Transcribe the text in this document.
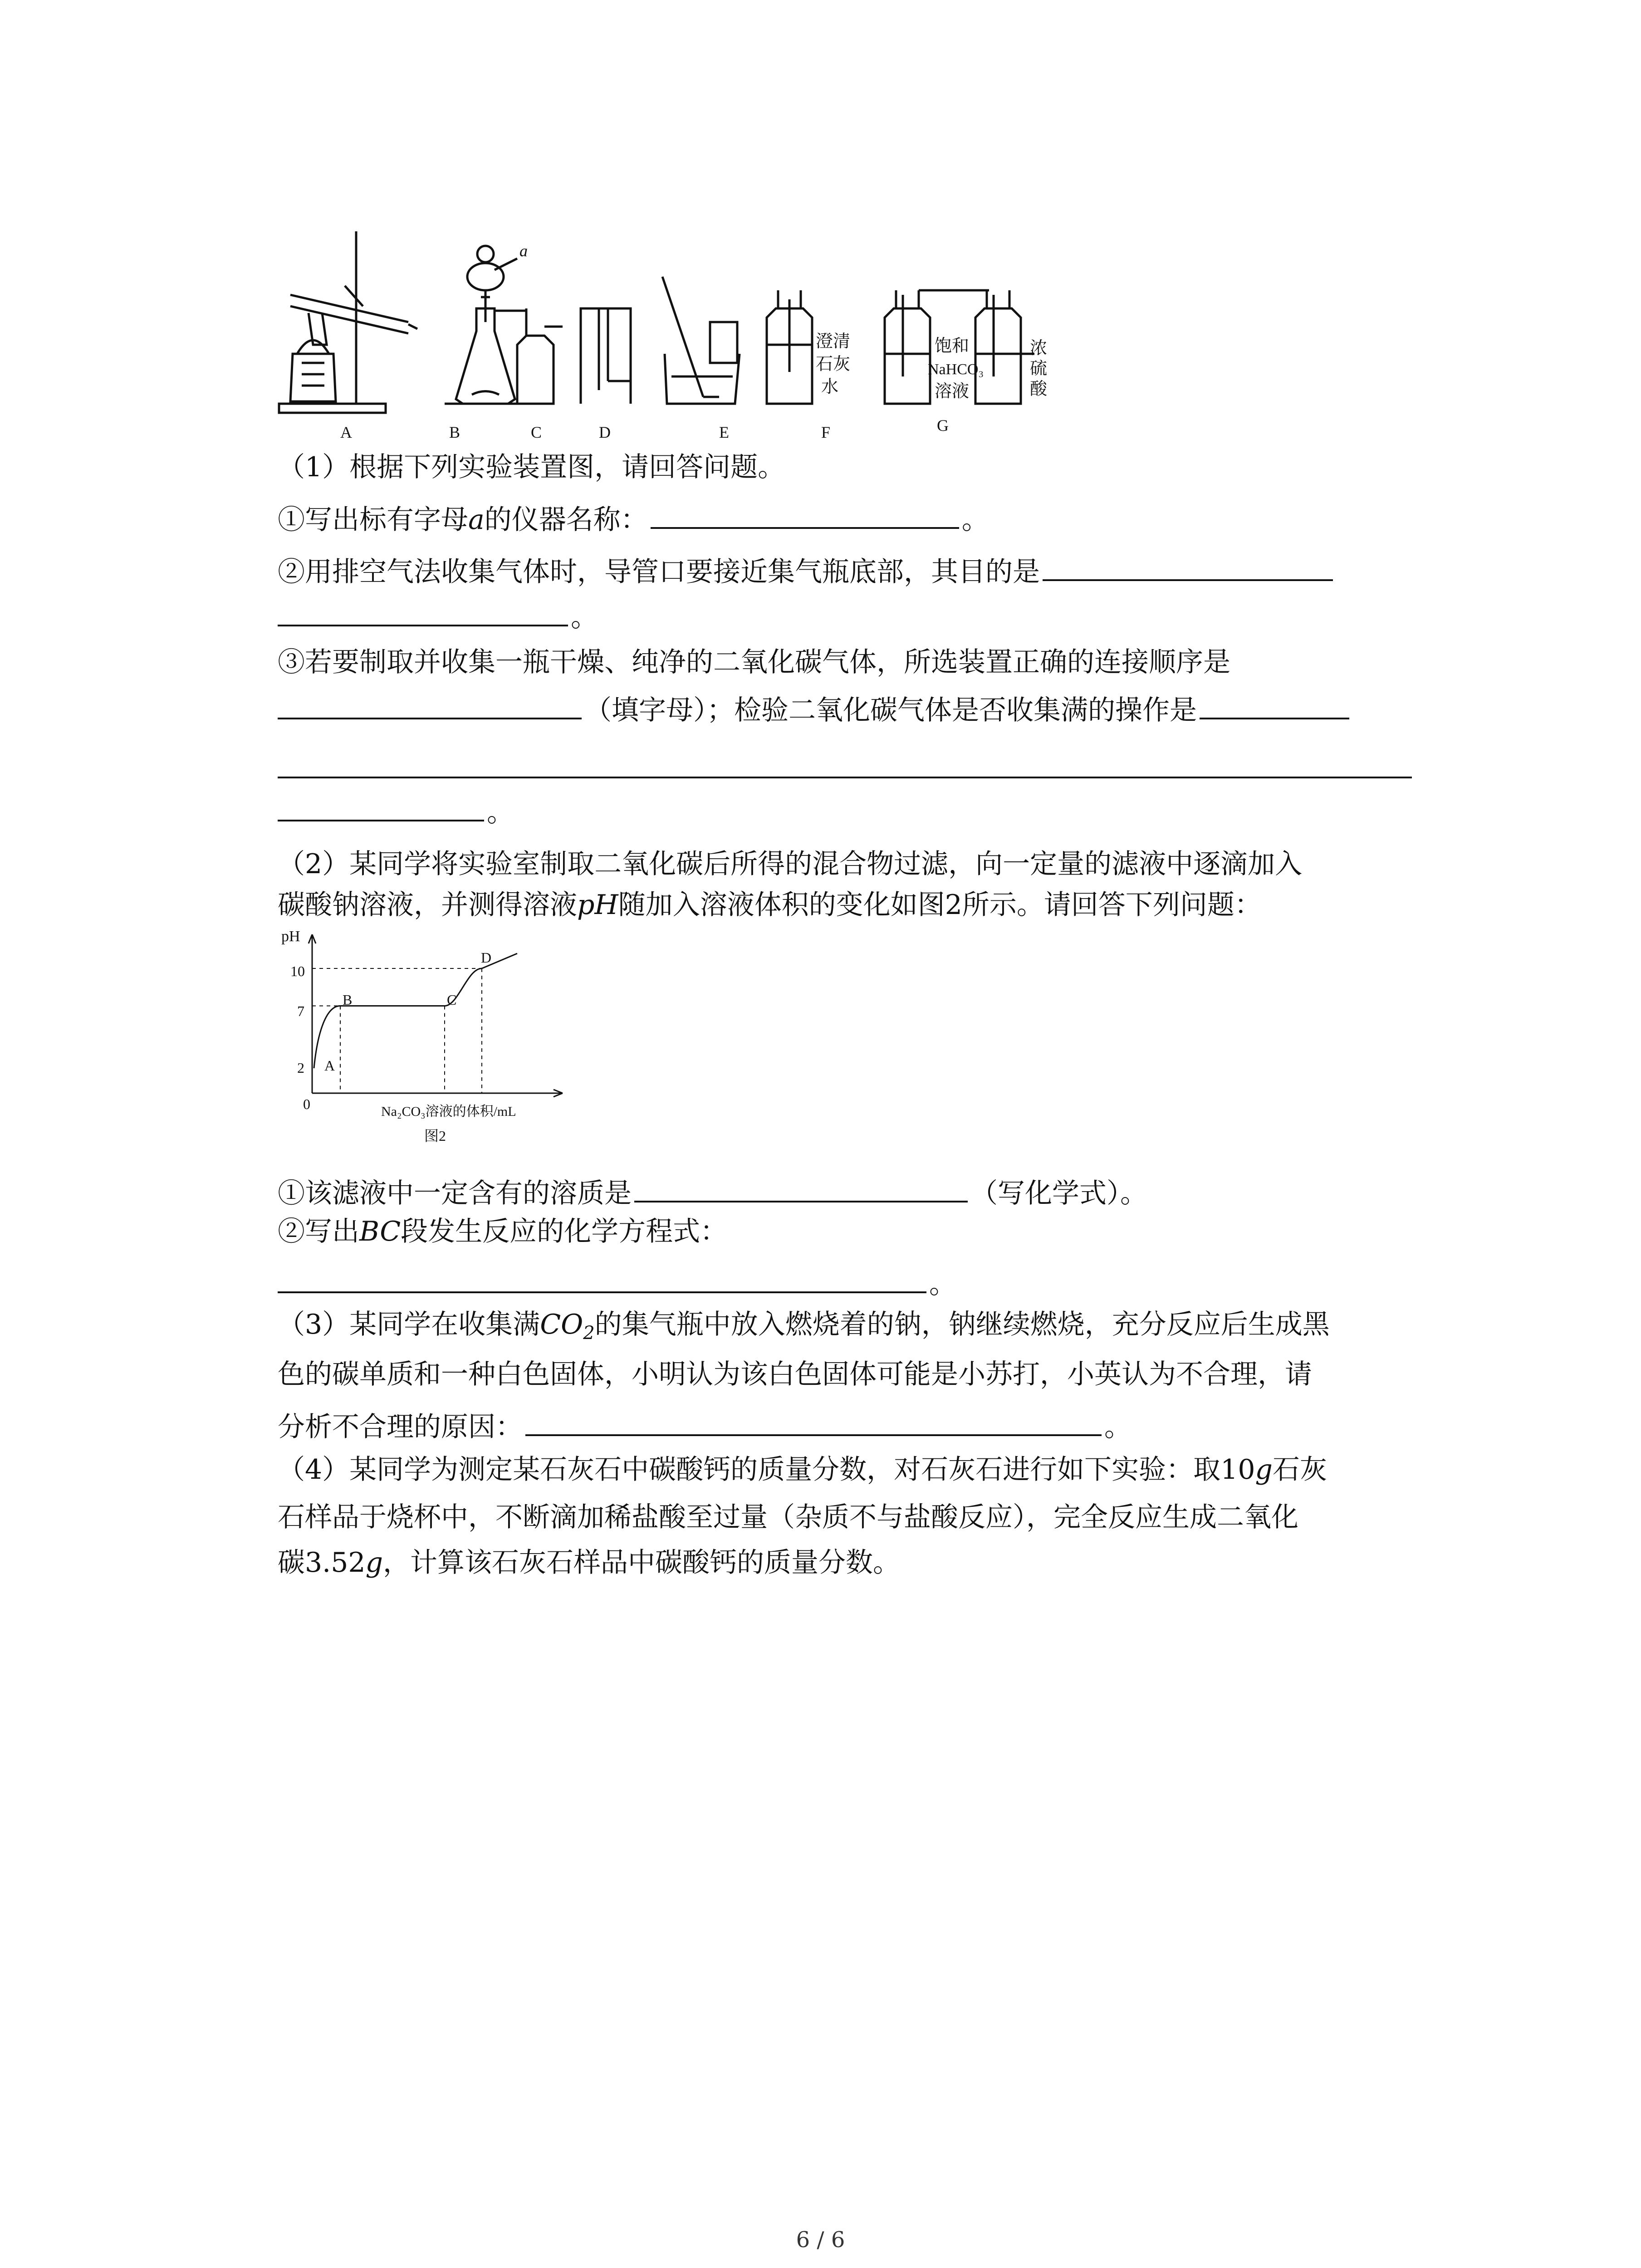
a
A	B	C	D	E	F	G
澄清
石灰
水
饱和
NaHCO₃
溶液
浓
硫
酸
（1）根据下列实验装置图，请回答问题。
①写出标有字母a的仪器名称：	。
②用排空气法收集气体时，导管口要接近集气瓶底部，其目的是
。
③若要制取并收集一瓶干燥、纯净的二氧化碳气体，所选装置正确的连接顺序是
（填字母）；检验二氧化碳气体是否收集满的操作是
。
（2）某同学将实验室制取二氧化碳后所得的混合物过滤，向一定量的滤液中逐滴加入
碳酸钠溶液，并测得溶液pH随加入溶液体积的变化如图2所示。请回答下列问题：
pH
10
7
2
0	Na₂CO₃溶液的体积/mL
图2
A
B	C
D
①该滤液中一定含有的溶质是	（写化学式）。
②写出BC段发生反应的化学方程式：
。
（3）某同学在收集满$CO_2$的集气瓶中放入燃烧着的钠，钠继续燃烧，充分反应后生成黑
色的碳单质和一种白色固体，小明认为该白色固体可能是小苏打，小英认为不合理，请
分析不合理的原因：	。
（4）某同学为测定某石灰石中碳酸钙的质量分数，对石灰石进行如下实验：取10g石灰
石样品于烧杯中，不断滴加稀盐酸至过量（杂质不与盐酸反应），完全反应生成二氧化
碳3.52g，计算该石灰石样品中碳酸钙的质量分数。
6 / 6
